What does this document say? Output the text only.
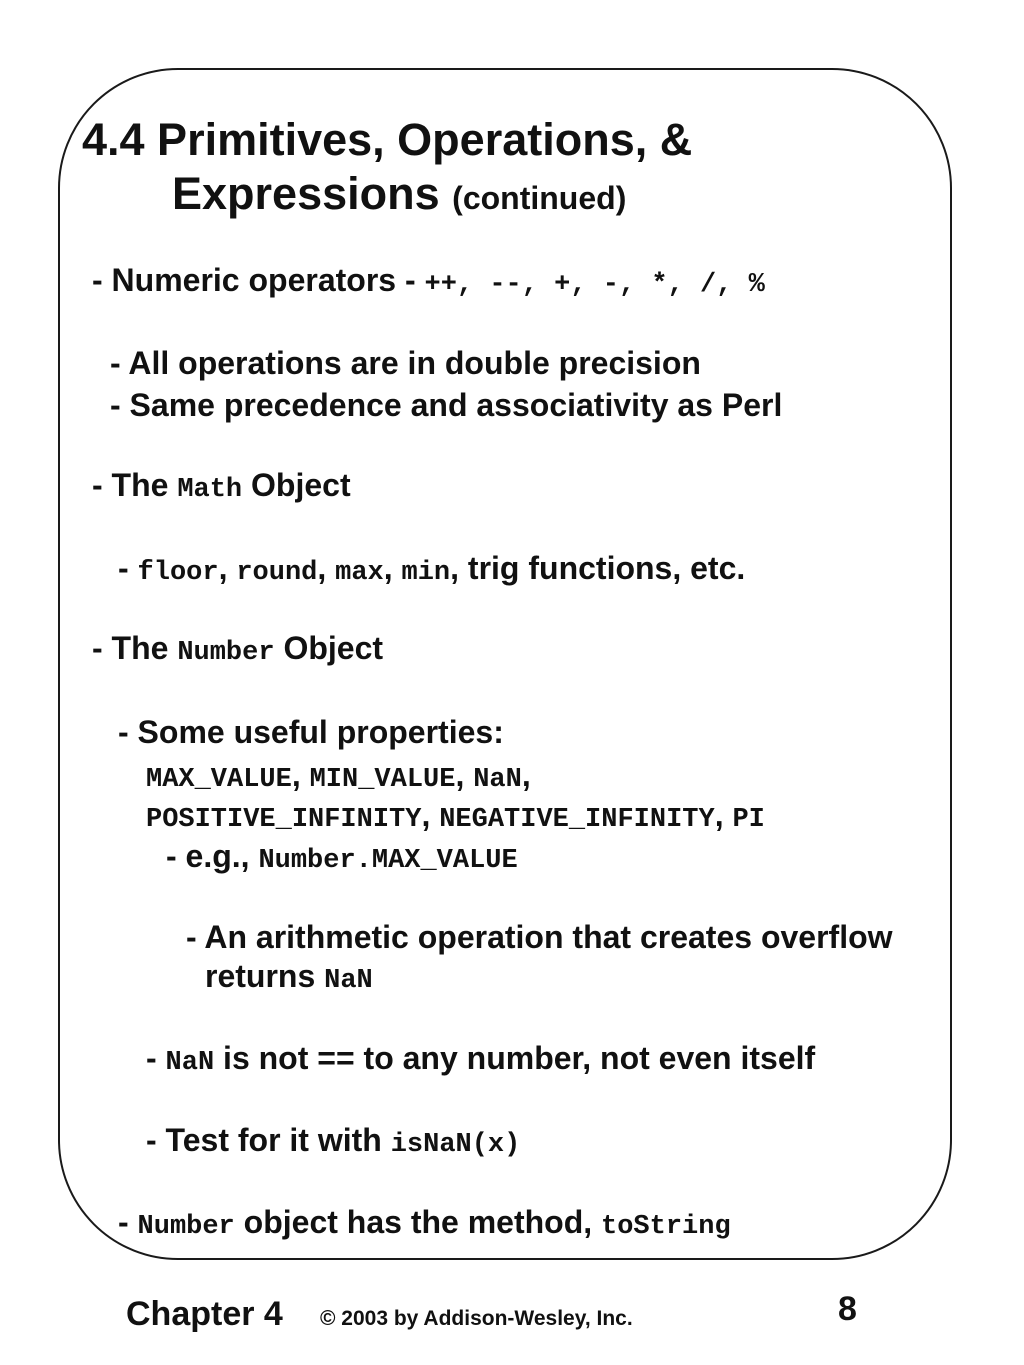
4.4 Primitives, Operations, &
Expressions (continued)
- Numeric operators - ++, --, +, -, *, /, %
- All operations are in double precision
- Same precedence and associativity as Perl
- The Math Object
- floor, round, max, min, trig functions, etc.
- The Number Object
- Some useful properties:
MAX_VALUE, MIN_VALUE, NaN,
POSITIVE_INFINITY, NEGATIVE_INFINITY, PI
- e.g., Number.MAX_VALUE
- An arithmetic operation that creates overflow
returns NaN
- NaN is not == to any number, not even itself
- Test for it with isNaN(x)
- Number object has the method, toString
Chapter 4 © 2003 by Addison-Wesley, Inc.	8
